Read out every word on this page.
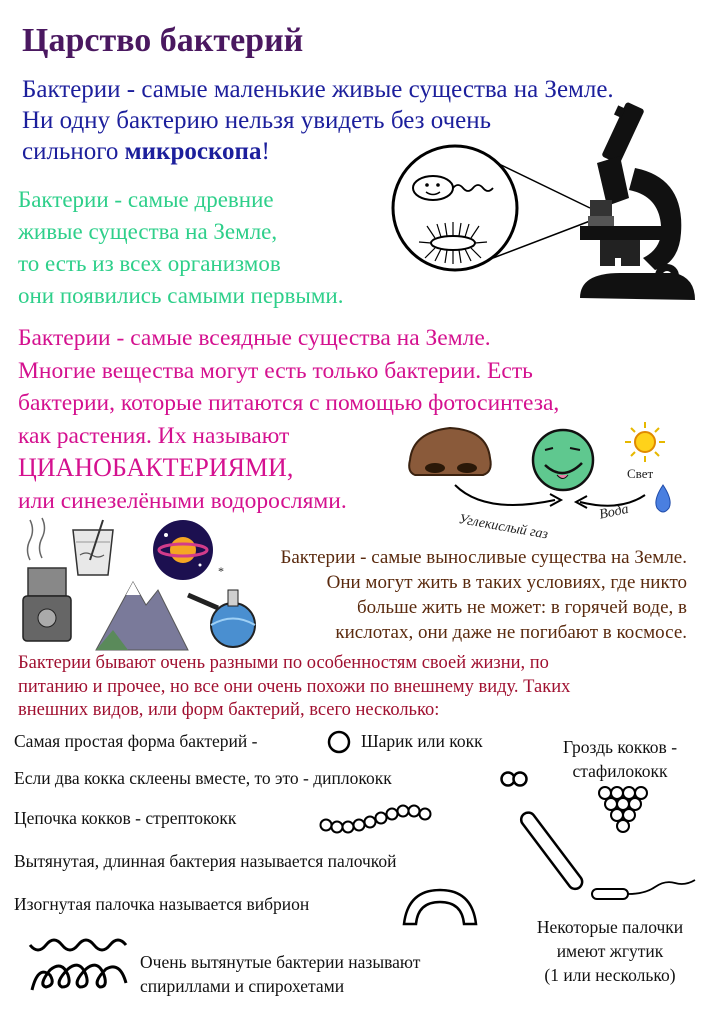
Царство бактерий
Бактерии - самые маленькие живые существа на Земле.
Ни одну бактерию нельзя увидеть без очень
сильного микроскопа!
Бактерии - самые древние
живые существа на Земле,
то есть из всех организмов
они появились самыми первыми.
Бактерии - самые всеядные существа на Земле.
Многие вещества могут есть только бактерии. Есть
бактерии, которые питаются с помощью фотосинтеза,
как растения. Их называют
ЦИАНОБАКТЕРИЯМИ,
или синезелёными водорослями.
Свет
Углекислый газ	Вода
*
Бактерии - самые выносливые существа на Земле.
Они могут жить в таких условиях, где никто
больше жить не может: в горячей воде, в
кислотах, они даже не погибают в космосе.
Бактерии бывают очень разными по особенностям своей жизни, по
питанию и прочее, но все они очень похожи по внешнему виду. Таких
внешних видов, или форм бактерий, всего несколько:
Самая простая форма бактерий -	Шарик или кокк	Гроздь кокков -
стафилококк
Если два кокка склеены вместе, то это - диплококк
Цепочка кокков - стрептококк
Вытянутая, длинная бактерия называется палочкой
Изогнутая палочка называется вибрион
Некоторые палочки
имеют жгутик
(1 или несколько)
Очень вытянутые бактерии называют
спириллами и спирохетами
